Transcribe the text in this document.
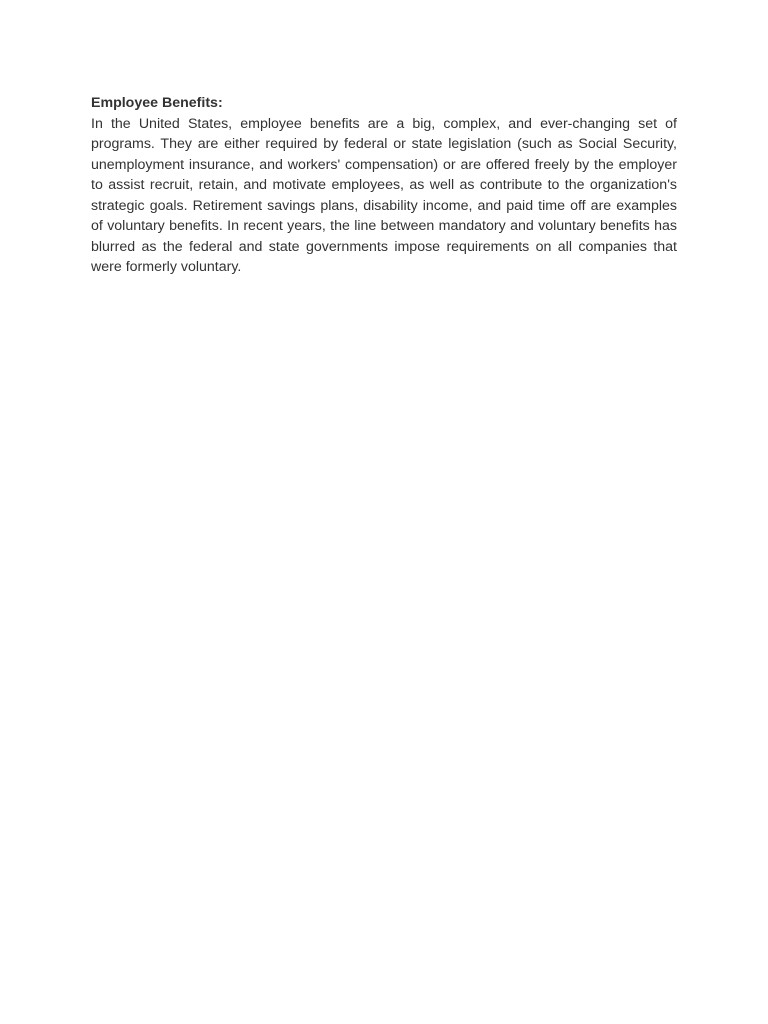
Employee Benefits:

In the United States, employee benefits are a big, complex, and ever-changing set of programs. They are either required by federal or state legislation (such as Social Security, unemployment insurance, and workers' compensation) or are offered freely by the employer to assist recruit, retain, and motivate employees, as well as contribute to the organization's strategic goals. Retirement savings plans, disability income, and paid time off are examples of voluntary benefits. In recent years, the line between mandatory and voluntary benefits has blurred as the federal and state governments impose requirements on all companies that were formerly voluntary.
